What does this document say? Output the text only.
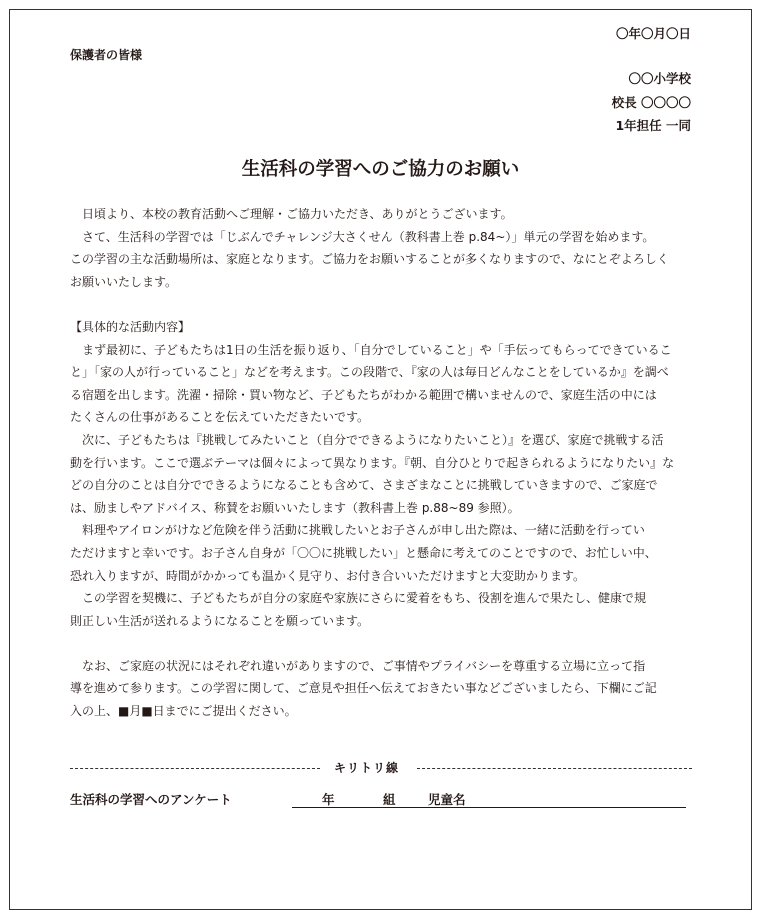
〇年〇月〇日
保護者の皆様
〇〇小学校
校長 〇〇〇〇
1年担任 一同
生活科の学習へのご協力のお願い
日頃より、本校の教育活動へご理解・ご協力いただき、ありがとうございます。
さて、生活科の学習では「じぶんでチャレンジ大さくせん（教科書上巻 p.84~）」単元の学習を始めます。
この学習の主な活動場所は、家庭となります。ご協力をお願いすることが多くなりますので、なにとぞよろしく
お願いいたします。
【具体的な活動内容】
まず最初に、子どもたちは1日の生活を振り返り、「自分でしていること」や「手伝ってもらってできているこ
と」「家の人が行っていること」などを考えます。この段階で、『家の人は毎日どんなことをしているか』を調べ
る宿題を出します。洗濯・掃除・買い物など、子どもたちがわかる範囲で構いませんので、家庭生活の中には
たくさんの仕事があることを伝えていただきたいです。
次に、子どもたちは『挑戦してみたいこと（自分でできるようになりたいこと）』を選び、家庭で挑戦する活
動を行います。ここで選ぶテーマは個々によって異なります。『朝、自分ひとりで起きられるようになりたい』な
どの自分のことは自分でできるようになることも含めて、さまざまなことに挑戦していきますので、ご家庭で
は、励ましやアドバイス、称賛をお願いいたします（教科書上巻 p.88~89 参照）。
料理やアイロンがけなど危険を伴う活動に挑戦したいとお子さんが申し出た際は、一緒に活動を行ってい
ただけますと幸いです。お子さん自身が「〇〇に挑戦したい」と懸命に考えてのことですので、お忙しい中、
恐れ入りますが、時間がかかっても温かく見守り、お付き合いいただけますと大変助かります。
この学習を契機に、子どもたちが自分の家庭や家族にさらに愛着をもち、役割を進んで果たし、健康で規
則正しい生活が送れるようになることを願っています。
なお、ご家庭の状況にはそれぞれ違いがありますので、ご事情やプライバシーを尊重する立場に立って指
導を進めて参ります。この学習に関して、ご意見や担任へ伝えておきたい事などございましたら、下欄にご記
入の上、■月■日までにご提出ください。
キリトリ線
生活科の学習へのアンケート	年	組	児童名
